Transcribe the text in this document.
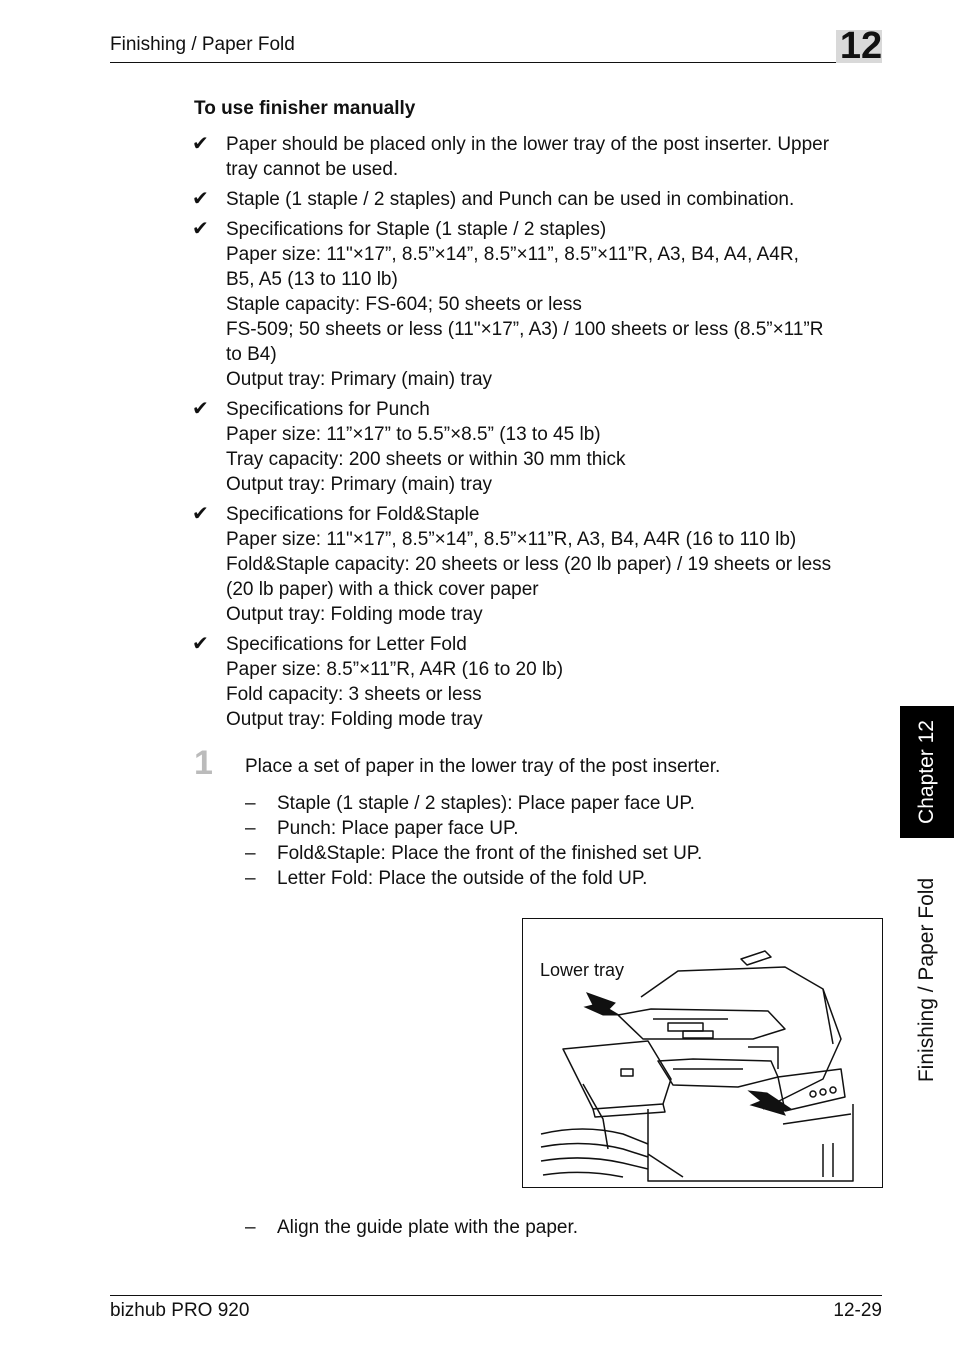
Finishing / Paper Fold	12
To use finisher manually
✔ Paper should be placed only in the lower tray of the post inserter. Upper
tray cannot be used.
✔ Staple (1 staple / 2 staples) and Punch can be used in combination.
✔ Specifications for Staple (1 staple / 2 staples)
Paper size: 11"×17”, 8.5”×14”, 8.5”×11”, 8.5”×11”R, A3, B4, A4, A4R,
B5, A5 (13 to 110 lb)
Staple capacity: FS-604; 50 sheets or less
FS-509; 50 sheets or less (11"×17”, A3) / 100 sheets or less (8.5”×11”R
to B4)
Output tray: Primary (main) tray
✔ Specifications for Punch
Paper size: 11”×17” to 5.5”×8.5” (13 to 45 lb)
Tray capacity: 200 sheets or within 30 mm thick
Output tray: Primary (main) tray
✔ Specifications for Fold&Staple
Paper size: 11"×17”, 8.5”×14”, 8.5”×11”R, A3, B4, A4R (16 to 110 lb)
Fold&Staple capacity: 20 sheets or less (20 lb paper) / 19 sheets or less
(20 lb paper) with a thick cover paper
Output tray: Folding mode tray
✔ Specifications for Letter Fold
Paper size: 8.5”×11”R, A4R (16 to 20 lb)
Fold capacity: 3 sheets or less
Output tray: Folding mode tray
1 Place a set of paper in the lower tray of the post inserter.
– Staple (1 staple / 2 staples): Place paper face UP.
– Punch: Place paper face UP.
– Fold&Staple: Place the front of the finished set UP.
– Letter Fold: Place the outside of the fold UP.
Lower tray
– Align the guide plate with the paper.
Chapter 12
Finishing / Paper Fold
bizhub PRO 920	12-29
